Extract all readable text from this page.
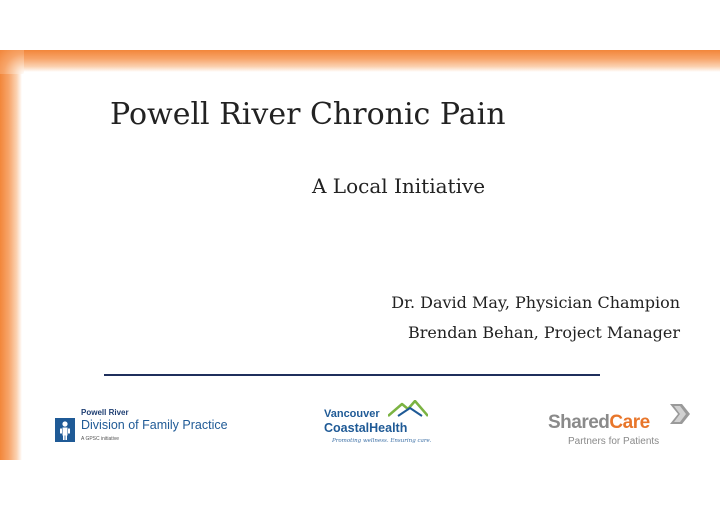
Powell River Chronic Pain
A Local Initiative
Dr. David May, Physician Champion
Brendan Behan, Project Manager
Powell River
Division of Family Practice
A GPSC initiative
Vancouver
CoastalHealth
Promoting wellness. Ensuring care.
SharedCare
Partners for Patients
